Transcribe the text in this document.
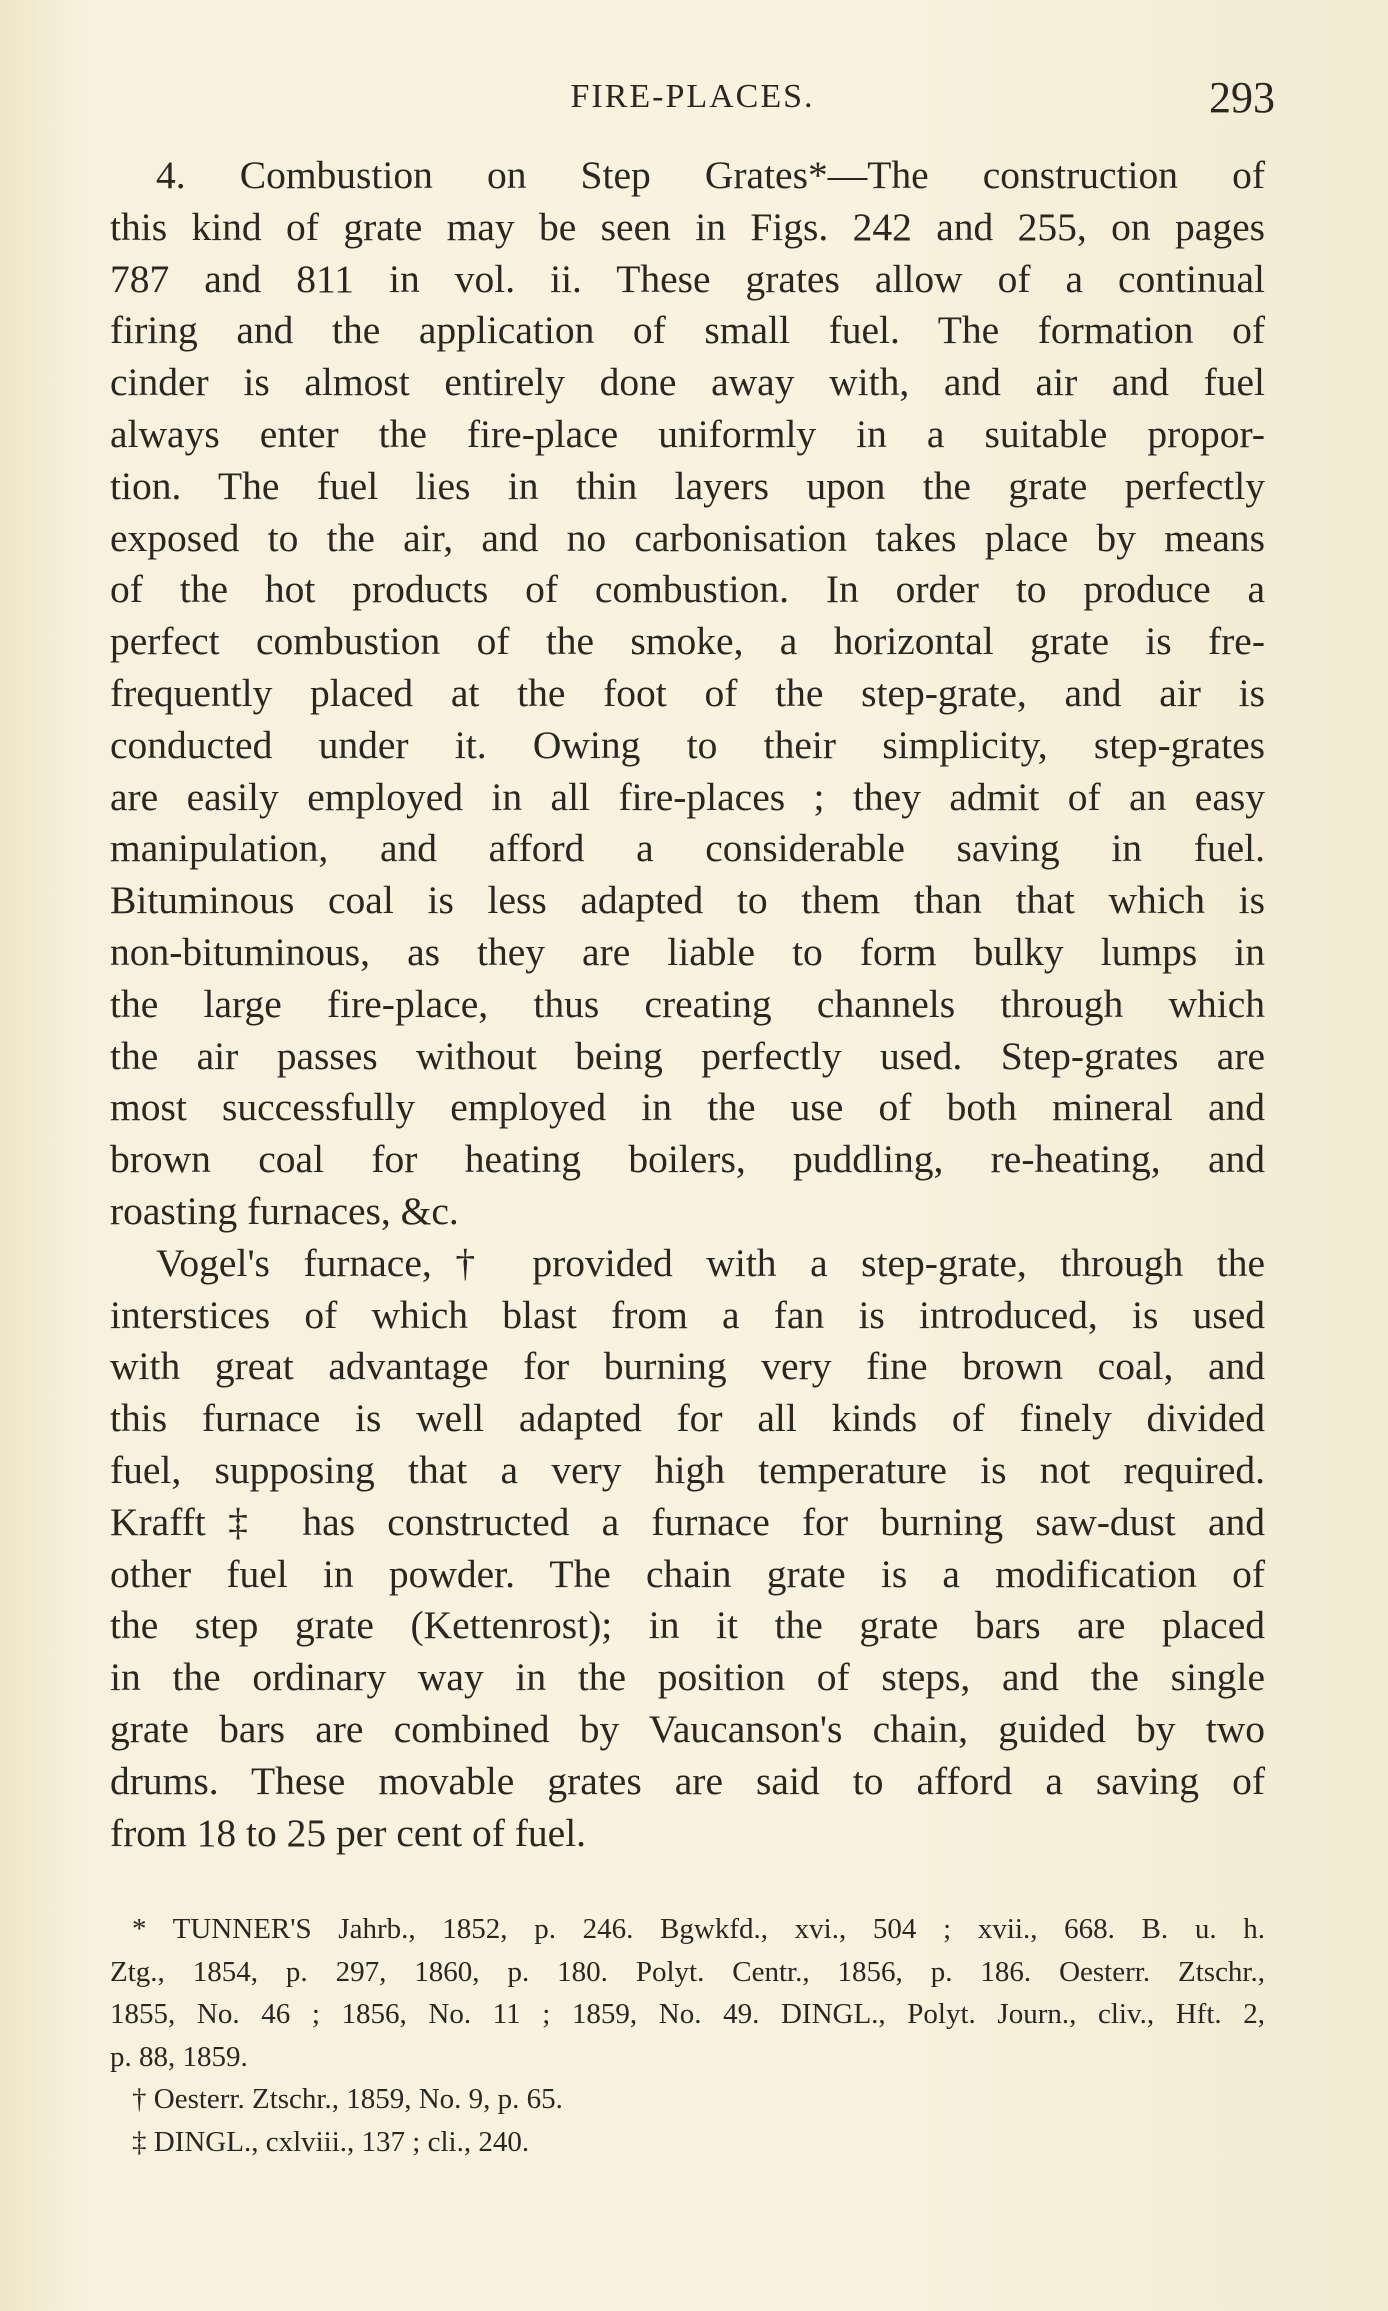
FIRE-PLACES.	293

4. Combustion on Step Grates*—The construction of
this kind of grate may be seen in Figs. 242 and 255, on pages
787 and 811 in vol. ii. These grates allow of a continual
firing and the application of small fuel. The formation of
cinder is almost entirely done away with, and air and fuel
always enter the fire-place uniformly in a suitable propor-
tion. The fuel lies in thin layers upon the grate perfectly
exposed to the air, and no carbonisation takes place by means
of the hot products of combustion. In order to produce a
perfect combustion of the smoke, a horizontal grate is fre-
frequently placed at the foot of the step-grate, and air is
conducted under it. Owing to their simplicity, step-grates
are easily employed in all fire-places ; they admit of an easy
manipulation, and afford a considerable saving in fuel.
Bituminous coal is less adapted to them than that which is
non-bituminous, as they are liable to form bulky lumps in
the large fire-place, thus creating channels through which
the air passes without being perfectly used. Step-grates are
most successfully employed in the use of both mineral and
brown coal for heating boilers, puddling, re-heating, and
roasting furnaces, &c.

Vogel's furnace,† provided with a step-grate, through the
interstices of which blast from a fan is introduced, is used
with great advantage for burning very fine brown coal, and
this furnace is well adapted for all kinds of finely divided
fuel, supposing that a very high temperature is not required.
Krafft‡ has constructed a furnace for burning saw-dust and
other fuel in powder. The chain grate is a modification of
the step grate (Kettenrost); in it the grate bars are placed
in the ordinary way in the position of steps, and the single
grate bars are combined by Vaucanson's chain, guided by two
drums. These movable grates are said to afford a saving of
from 18 to 25 per cent of fuel.

* TUNNER'S Jahrb., 1852, p. 246. Bgwkfd., xvi., 504 ; xvii., 668. B. u. h.
Ztg., 1854, p. 297, 1860, p. 180. Polyt. Centr., 1856, p. 186. Oesterr. Ztschr.,
1855, No. 46 ; 1856, No. 11 ; 1859, No. 49. DINGL., Polyt. Journ., cliv., Hft. 2,
p. 88, 1859.

† Oesterr. Ztschr., 1859, No. 9, p. 65.

‡ DINGL., cxlviii., 137 ; cli., 240.
